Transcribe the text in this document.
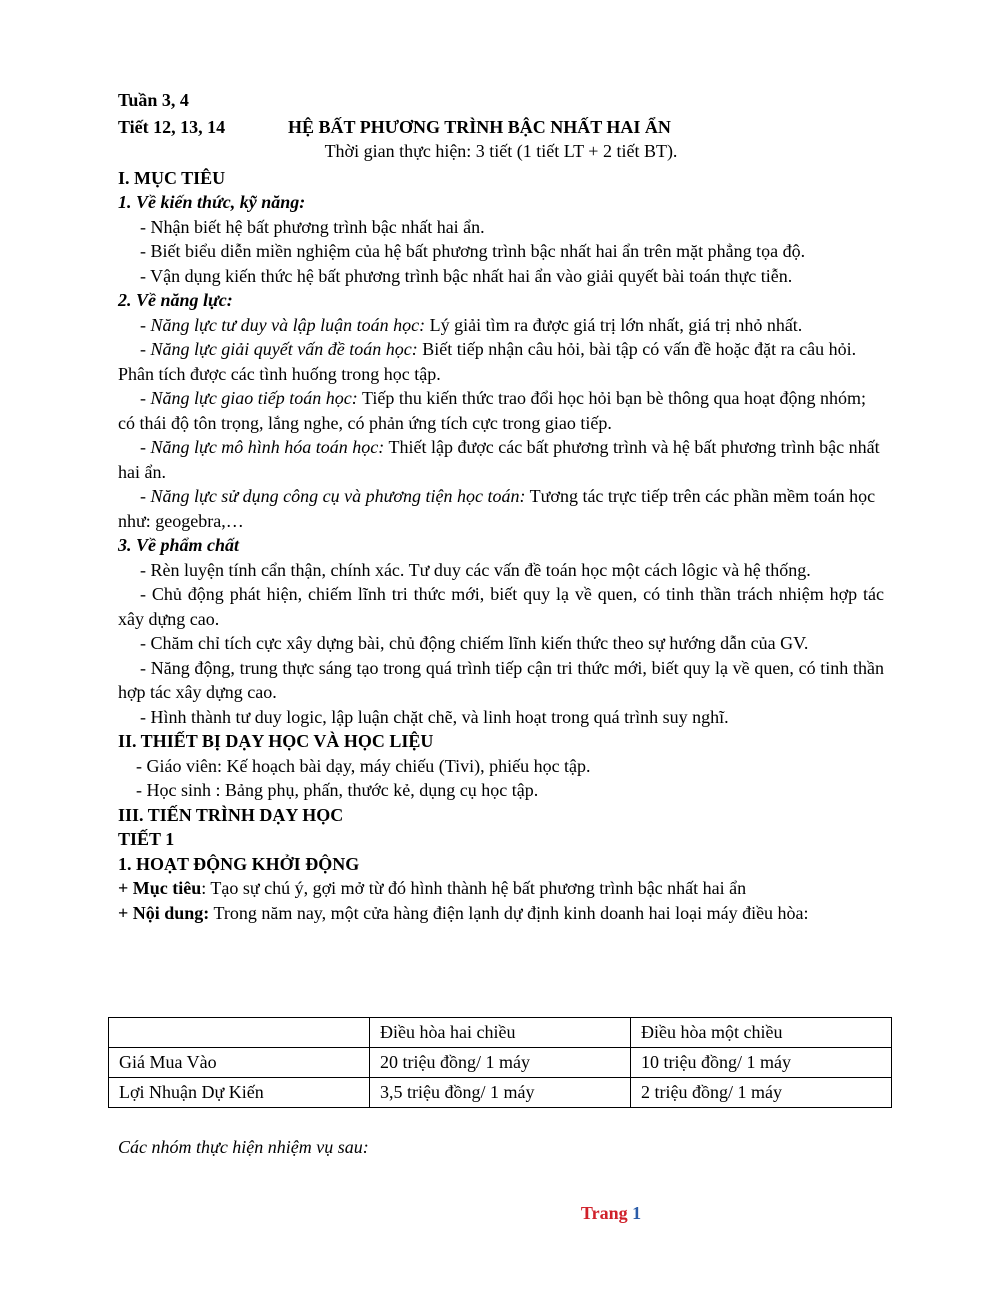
Tuần 3, 4
Tiết 12, 13, 14	HỆ BẤT PHƯƠNG TRÌNH BẬC NHẤT HAI ẨN
Thời gian thực hiện: 3 tiết (1 tiết LT + 2 tiết BT).
I. MỤC TIÊU
1. Về kiến thức, kỹ năng:
- Nhận biết hệ bất phương trình bậc nhất hai ẩn.
- Biết biểu diễn miền nghiệm của hệ bất phương trình bậc nhất hai ẩn trên mặt phẳng tọa độ.
- Vận dụng kiến thức hệ bất phương trình bậc nhất hai ẩn vào giải quyết bài toán thực tiễn.
2. Về năng lực:
- Năng lực tư duy và lập luận toán học: Lý giải tìm ra được giá trị lớn nhất, giá trị nhỏ nhất.
- Năng lực giải quyết vấn đề toán học: Biết tiếp nhận câu hỏi, bài tập có vấn đề hoặc đặt ra câu hỏi. Phân tích được các tình huống trong học tập.
- Năng lực giao tiếp toán học: Tiếp thu kiến thức trao đổi học hỏi bạn bè thông qua hoạt động nhóm; có thái độ tôn trọng, lắng nghe, có phản ứng tích cực trong giao tiếp.
- Năng lực mô hình hóa toán học: Thiết lập được các bất phương trình và hệ bất phương trình bậc nhất hai ẩn.
- Năng lực sử dụng công cụ và phương tiện học toán: Tương tác trực tiếp trên các phần mềm toán học như: geogebra,…
3. Về phẩm chất
- Rèn luyện tính cẩn thận, chính xác. Tư duy các vấn đề toán học một cách lôgic và hệ thống.
- Chủ động phát hiện, chiếm lĩnh tri thức mới, biết quy lạ về quen, có tinh thần trách nhiệm hợp tác xây dựng cao.
- Chăm chỉ tích cực xây dựng bài, chủ động chiếm lĩnh kiến thức theo sự hướng dẫn của GV.
- Năng động, trung thực sáng tạo trong quá trình tiếp cận tri thức mới, biết quy lạ về quen, có tinh thần hợp tác xây dựng cao.
- Hình thành tư duy logic, lập luận chặt chẽ, và linh hoạt trong quá trình suy nghĩ.
II. THIẾT BỊ DẠY HỌC VÀ HỌC LIỆU
- Giáo viên: Kế hoạch bài dạy, máy chiếu (Tivi), phiếu học tập.
- Học sinh : Bảng phụ, phấn, thước kẻ, dụng cụ học tập.
III. TIẾN TRÌNH DẠY HỌC
TIẾT 1
1. HOẠT ĐỘNG KHỞI ĐỘNG
+ Mục tiêu: Tạo sự chú ý, gợi mở từ đó hình thành hệ bất phương trình bậc nhất hai ẩn
+ Nội dung: Trong năm nay, một cửa hàng điện lạnh dự định kinh doanh hai loại máy điều hòa:
	Điều hòa hai chiều	Điều hòa một chiều
Giá Mua Vào	20 triệu đồng/ 1 máy	10 triệu đồng/ 1 máy
Lợi Nhuận Dự Kiến	3,5 triệu đồng/ 1 máy	2 triệu đồng/ 1 máy
Các nhóm thực hiện nhiệm vụ sau:
Trang 1
